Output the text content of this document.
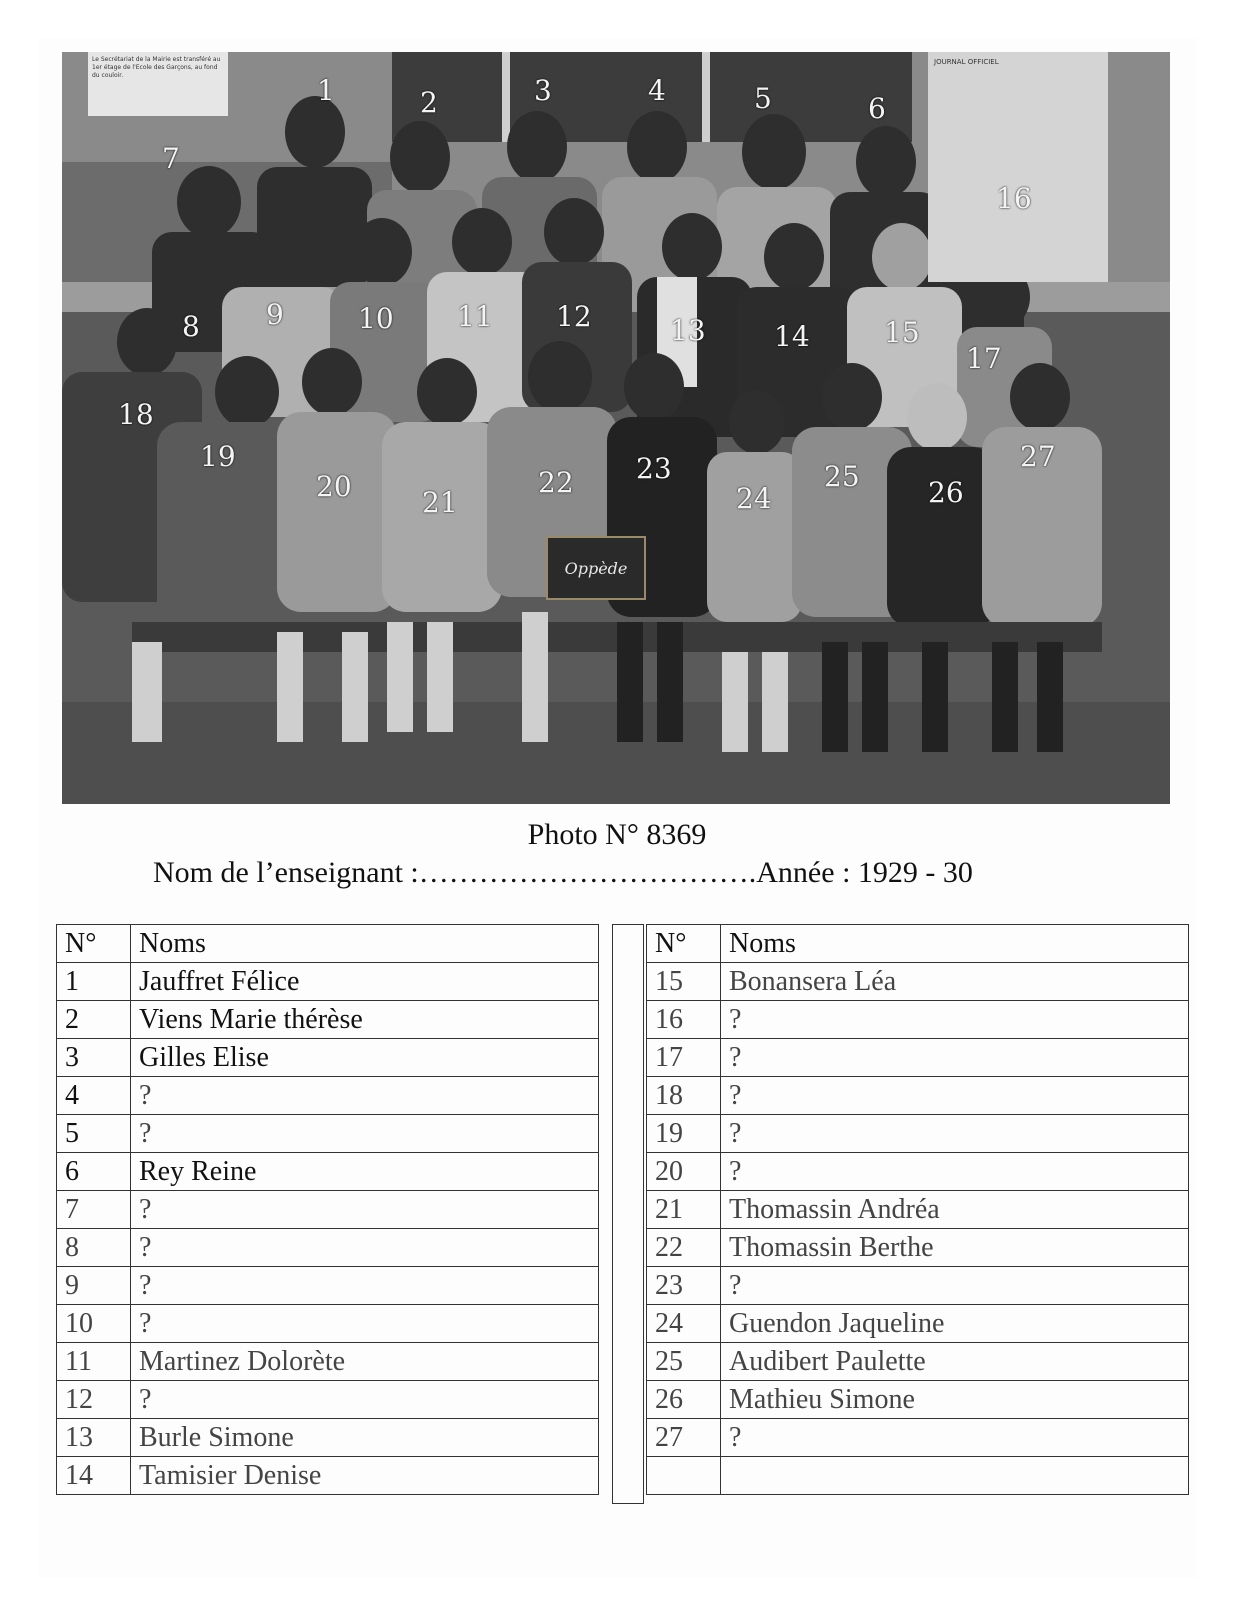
Le Secrétariat de la Mairie est transféré au 1er étage de l'Ecole des Garçons, au fond du couloir.
JOURNAL OFFICIEL
Oppède
1	2	3	4	5	6
7
8 9	10 11 12	13 14	15
16
17
18
19
20	21
22 23
24
25 26
27
Photo N° 8369
Nom de l’enseignant :…………………………….Année : 1929 - 30
N°	Noms
1	Jauffret Félice
2	Viens Marie thérèse
3	Gilles Elise
4	?
5	?
6	Rey Reine
7	?
8	?
9	?
10	?
11	Martinez Dolorète
12	?
13	Burle Simone
14	Tamisier Denise
N°	Noms
15	Bonansera Léa
16	?
17	?
18	?
19	?
20	?
21	Thomassin Andréa
22	Thomassin Berthe
23	?
24	Guendon Jaqueline
25	Audibert Paulette
26	Mathieu Simone
27	?
